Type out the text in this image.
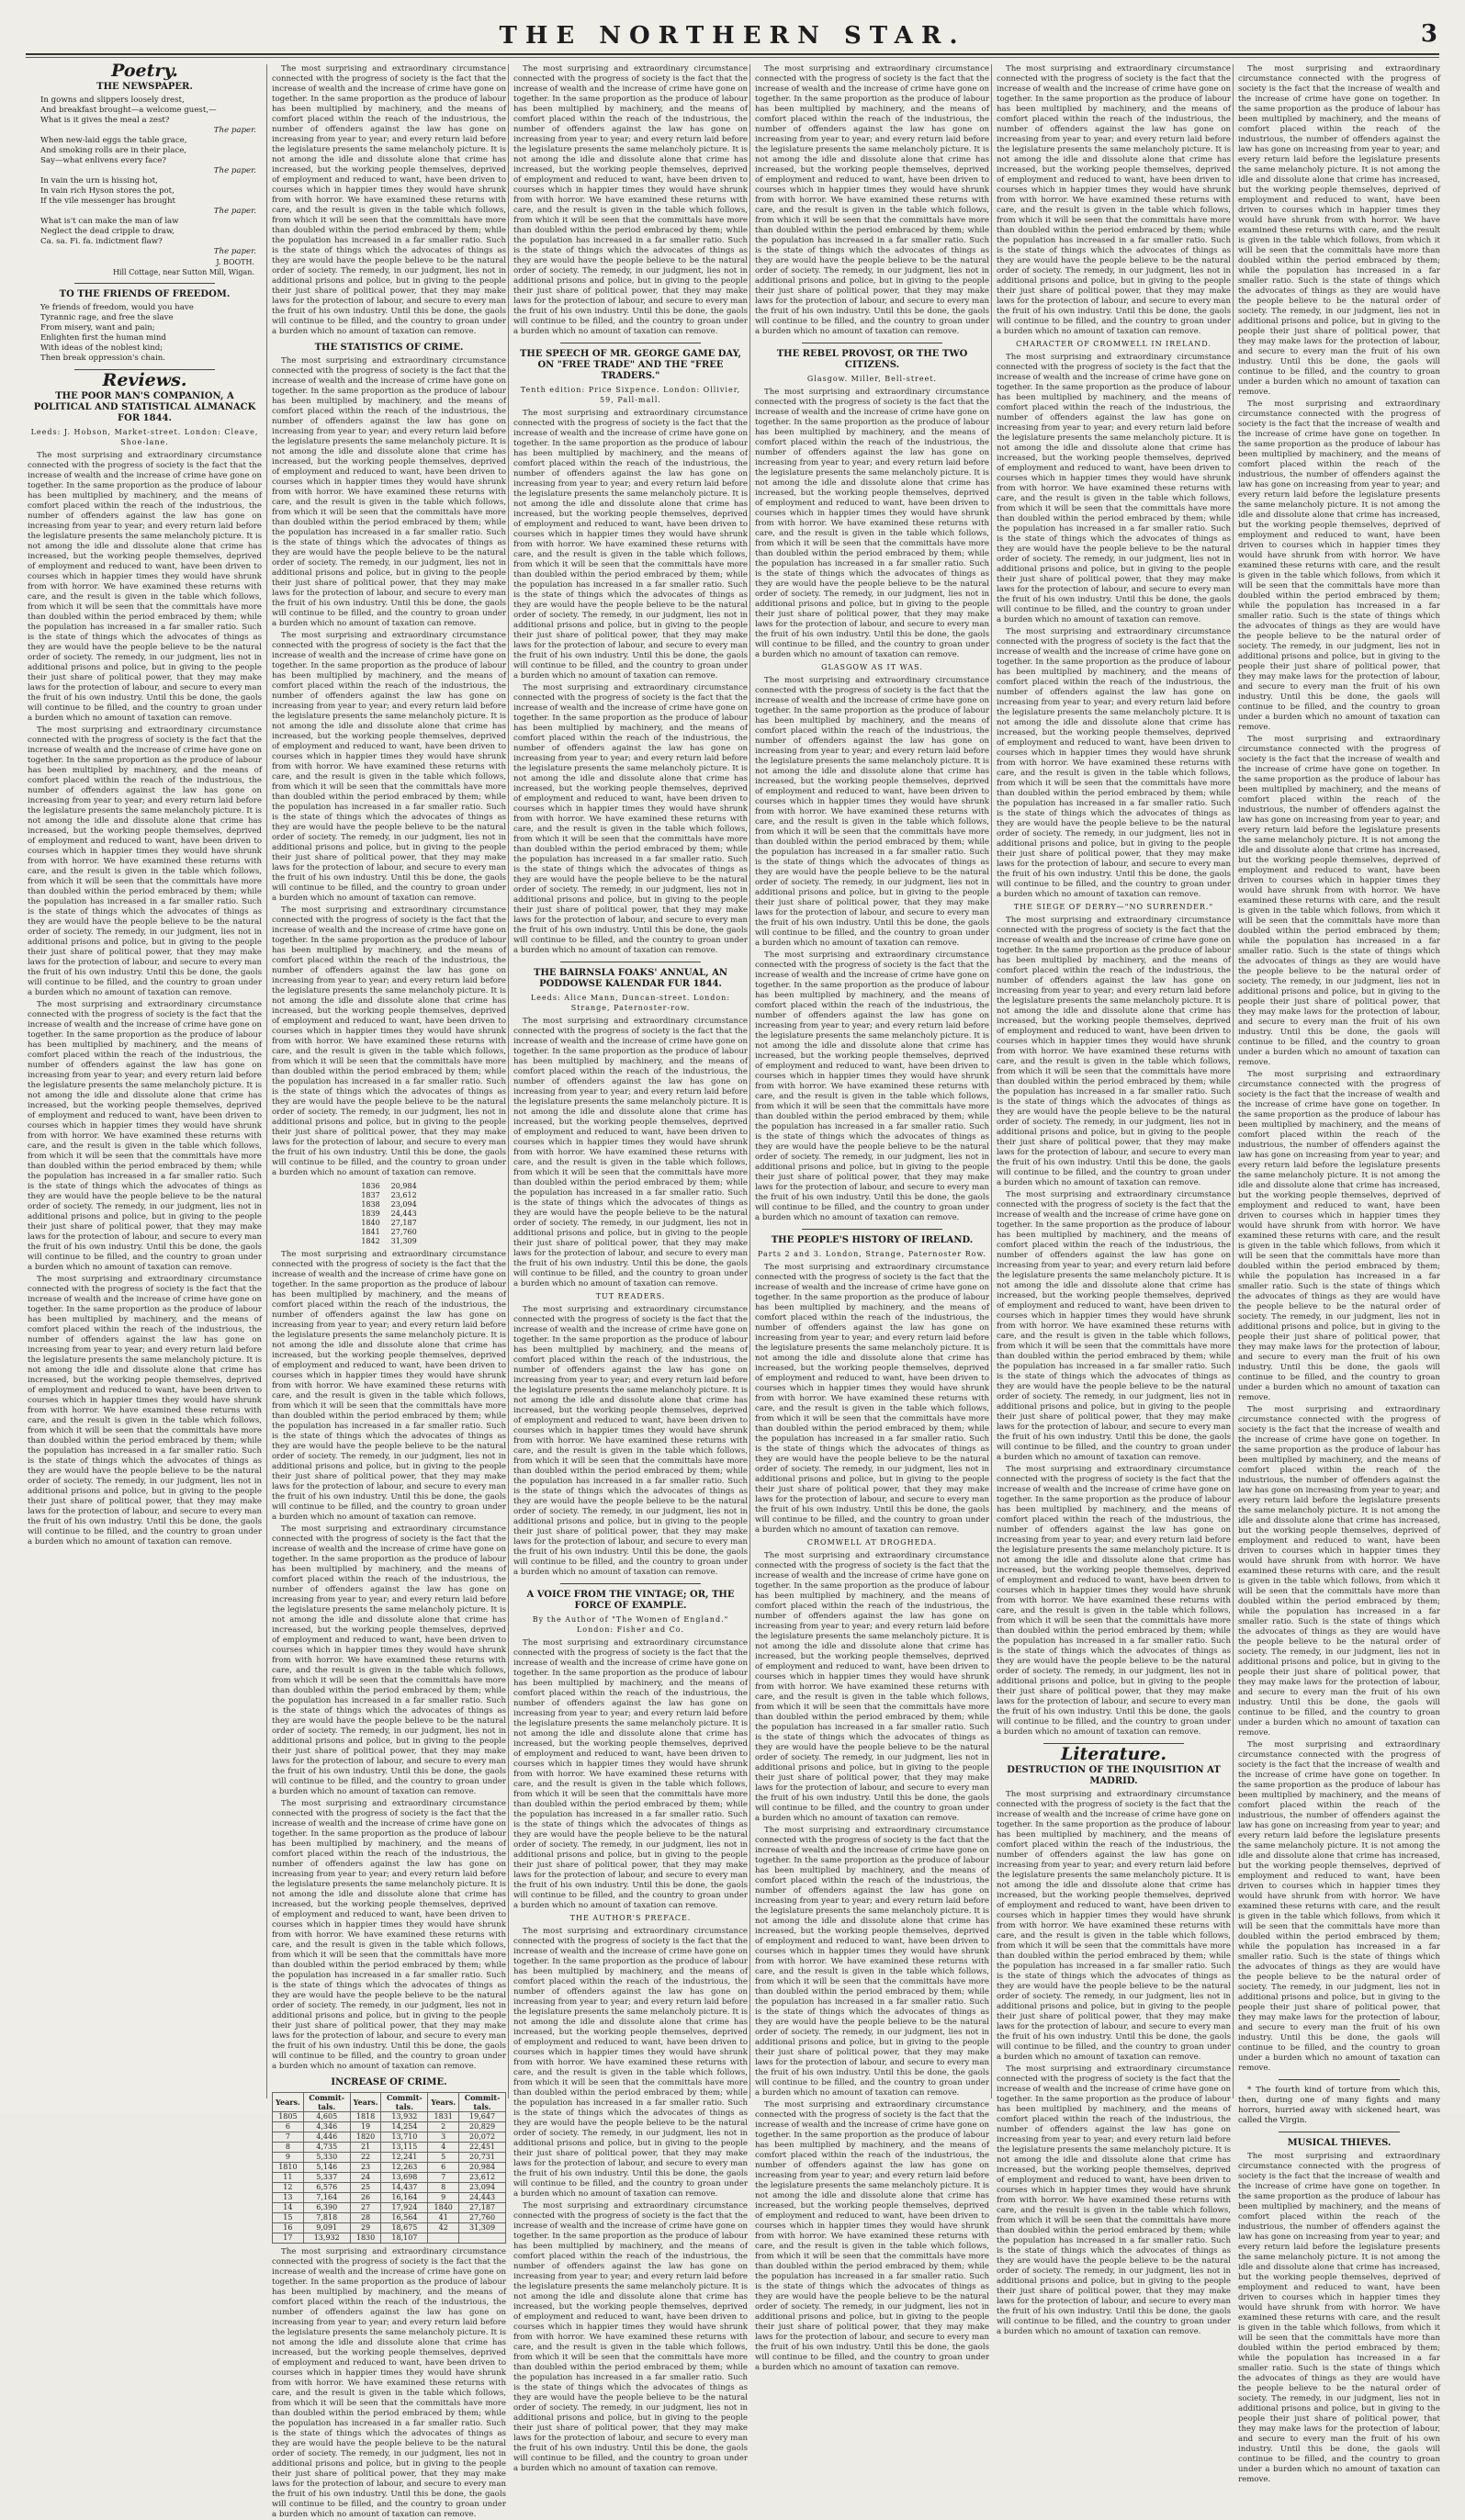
THE NORTHERN STAR.	3
Poetry.
THE NEWSPAPER.
In gowns and slippers loosely drest,
And breakfast brought—a welcome guest,—
What is it gives the meal a zest?
The paper.
When new-laid eggs the table grace,
And smoking rolls are in their place,
Say—what enlivens every face?
The paper.
In vain the urn is hissing hot,
In vain rich Hyson stores the pot,
If the vile messenger has brought
The paper.
What is't can make the man of law
Neglect the dead cripple to draw,
Ca. sa. Fi. fa. indictment flaw?
The paper.
J. BOOTH.
Hill Cottage, near Sutton Mill, Wigan.
TO THE FRIENDS OF FREEDOM.
Ye friends of freedom, would you have
Tyrannic rage, and free the slave
From misery, want and pain;
Enlighten first the human mind
With ideas of the noblest kind;
Then break oppression's chain.
Reviews.
THE POOR MAN'S COMPANION, A POLITICAL AND STATISTICAL ALMANACK FOR 1844.
Leeds: J. Hobson, Market-street. London: Cleave, Shoe-lane.
The most surprising and extraordinary circumstance connected with the progress of society is the fact that the increase of wealth and the increase of crime have gone on together. In the same proportion as the produce of labour has been multiplied by machinery, and the means of comfort placed within the reach of the industrious, the number of offenders against the law has gone on increasing from year to year; and every return laid before the legislature presents the same melancholy picture. It is not among the idle and dissolute alone that crime has increased, but the working people themselves, deprived of employment and reduced to want, have been driven to courses which in happier times they would have shrunk from with horror. We have examined these returns with care, and the result is given in the table which follows, from which it will be seen that the committals have more than doubled within the period embraced by them; while the population has increased in a far smaller ratio. Such is the state of things which the advocates of things as they are would have the people believe to be the natural order of society. The remedy, in our judgment, lies not in additional prisons and police, but in giving to the people their just share of political power, that they may make laws for the protection of labour, and secure to every man the fruit of his own industry. Until this be done, the gaols will continue to be filled, and the country to groan under a burden which no amount of taxation can remove.
The most surprising and extraordinary circumstance connected with the progress of society is the fact that the increase of wealth and the increase of crime have gone on together. In the same proportion as the produce of labour has been multiplied by machinery, and the means of comfort placed within the reach of the industrious, the number of offenders against the law has gone on increasing from year to year; and every return laid before the legislature presents the same melancholy picture. It is not among the idle and dissolute alone that crime has increased, but the working people themselves, deprived of employment and reduced to want, have been driven to courses which in happier times they would have shrunk from with horror. We have examined these returns with care, and the result is given in the table which follows, from which it will be seen that the committals have more than doubled within the period embraced by them; while the population has increased in a far smaller ratio. Such is the state of things which the advocates of things as they are would have the people believe to be the natural order of society. The remedy, in our judgment, lies not in additional prisons and police, but in giving to the people their just share of political power, that they may make laws for the protection of labour, and secure to every man the fruit of his own industry. Until this be done, the gaols will continue to be filled, and the country to groan under a burden which no amount of taxation can remove.
The most surprising and extraordinary circumstance connected with the progress of society is the fact that the increase of wealth and the increase of crime have gone on together. In the same proportion as the produce of labour has been multiplied by machinery, and the means of comfort placed within the reach of the industrious, the number of offenders against the law has gone on increasing from year to year; and every return laid before the legislature presents the same melancholy picture. It is not among the idle and dissolute alone that crime has increased, but the working people themselves, deprived of employment and reduced to want, have been driven to courses which in happier times they would have shrunk from with horror. We have examined these returns with care, and the result is given in the table which follows, from which it will be seen that the committals have more than doubled within the period embraced by them; while the population has increased in a far smaller ratio. Such is the state of things which the advocates of things as they are would have the people believe to be the natural order of society. The remedy, in our judgment, lies not in additional prisons and police, but in giving to the people their just share of political power, that they may make laws for the protection of labour, and secure to every man the fruit of his own industry. Until this be done, the gaols will continue to be filled, and the country to groan under a burden which no amount of taxation can remove.
The most surprising and extraordinary circumstance connected with the progress of society is the fact that the increase of wealth and the increase of crime have gone on together. In the same proportion as the produce of labour has been multiplied by machinery, and the means of comfort placed within the reach of the industrious, the number of offenders against the law has gone on increasing from year to year; and every return laid before the legislature presents the same melancholy picture. It is not among the idle and dissolute alone that crime has increased, but the working people themselves, deprived of employment and reduced to want, have been driven to courses which in happier times they would have shrunk from with horror. We have examined these returns with care, and the result is given in the table which follows, from which it will be seen that the committals have more than doubled within the period embraced by them; while the population has increased in a far smaller ratio. Such is the state of things which the advocates of things as they are would have the people believe to be the natural order of society. The remedy, in our judgment, lies not in additional prisons and police, but in giving to the people their just share of political power, that they may make laws for the protection of labour, and secure to every man the fruit of his own industry. Until this be done, the gaols will continue to be filled, and the country to groan under a burden which no amount of taxation can remove.
The most surprising and extraordinary circumstance connected with the progress of society is the fact that the increase of wealth and the increase of crime have gone on together. In the same proportion as the produce of labour has been multiplied by machinery, and the means of comfort placed within the reach of the industrious, the number of offenders against the law has gone on increasing from year to year; and every return laid before the legislature presents the same melancholy picture. It is not among the idle and dissolute alone that crime has increased, but the working people themselves, deprived of employment and reduced to want, have been driven to courses which in happier times they would have shrunk from with horror. We have examined these returns with care, and the result is given in the table which follows, from which it will be seen that the committals have more than doubled within the period embraced by them; while the population has increased in a far smaller ratio. Such is the state of things which the advocates of things as they are would have the people believe to be the natural order of society. The remedy, in our judgment, lies not in additional prisons and police, but in giving to the people their just share of political power, that they may make laws for the protection of labour, and secure to every man the fruit of his own industry. Until this be done, the gaols will continue to be filled, and the country to groan under a burden which no amount of taxation can remove.
THE STATISTICS OF CRIME.
The most surprising and extraordinary circumstance connected with the progress of society is the fact that the increase of wealth and the increase of crime have gone on together. In the same proportion as the produce of labour has been multiplied by machinery, and the means of comfort placed within the reach of the industrious, the number of offenders against the law has gone on increasing from year to year; and every return laid before the legislature presents the same melancholy picture. It is not among the idle and dissolute alone that crime has increased, but the working people themselves, deprived of employment and reduced to want, have been driven to courses which in happier times they would have shrunk from with horror. We have examined these returns with care, and the result is given in the table which follows, from which it will be seen that the committals have more than doubled within the period embraced by them; while the population has increased in a far smaller ratio. Such is the state of things which the advocates of things as they are would have the people believe to be the natural order of society. The remedy, in our judgment, lies not in additional prisons and police, but in giving to the people their just share of political power, that they may make laws for the protection of labour, and secure to every man the fruit of his own industry. Until this be done, the gaols will continue to be filled, and the country to groan under a burden which no amount of taxation can remove.
The most surprising and extraordinary circumstance connected with the progress of society is the fact that the increase of wealth and the increase of crime have gone on together. In the same proportion as the produce of labour has been multiplied by machinery, and the means of comfort placed within the reach of the industrious, the number of offenders against the law has gone on increasing from year to year; and every return laid before the legislature presents the same melancholy picture. It is not among the idle and dissolute alone that crime has increased, but the working people themselves, deprived of employment and reduced to want, have been driven to courses which in happier times they would have shrunk from with horror. We have examined these returns with care, and the result is given in the table which follows, from which it will be seen that the committals have more than doubled within the period embraced by them; while the population has increased in a far smaller ratio. Such is the state of things which the advocates of things as they are would have the people believe to be the natural order of society. The remedy, in our judgment, lies not in additional prisons and police, but in giving to the people their just share of political power, that they may make laws for the protection of labour, and secure to every man the fruit of his own industry. Until this be done, the gaols will continue to be filled, and the country to groan under a burden which no amount of taxation can remove.
The most surprising and extraordinary circumstance connected with the progress of society is the fact that the increase of wealth and the increase of crime have gone on together. In the same proportion as the produce of labour has been multiplied by machinery, and the means of comfort placed within the reach of the industrious, the number of offenders against the law has gone on increasing from year to year; and every return laid before the legislature presents the same melancholy picture. It is not among the idle and dissolute alone that crime has increased, but the working people themselves, deprived of employment and reduced to want, have been driven to courses which in happier times they would have shrunk from with horror. We have examined these returns with care, and the result is given in the table which follows, from which it will be seen that the committals have more than doubled within the period embraced by them; while the population has increased in a far smaller ratio. Such is the state of things which the advocates of things as they are would have the people believe to be the natural order of society. The remedy, in our judgment, lies not in additional prisons and police, but in giving to the people their just share of political power, that they may make laws for the protection of labour, and secure to every man the fruit of his own industry. Until this be done, the gaols will continue to be filled, and the country to groan under a burden which no amount of taxation can remove.
1836	20,984
1837	23,612
1838	23,094
1839	24,443
1840	27,187
1841	27,760
1842	31,309
The most surprising and extraordinary circumstance connected with the progress of society is the fact that the increase of wealth and the increase of crime have gone on together. In the same proportion as the produce of labour has been multiplied by machinery, and the means of comfort placed within the reach of the industrious, the number of offenders against the law has gone on increasing from year to year; and every return laid before the legislature presents the same melancholy picture. It is not among the idle and dissolute alone that crime has increased, but the working people themselves, deprived of employment and reduced to want, have been driven to courses which in happier times they would have shrunk from with horror. We have examined these returns with care, and the result is given in the table which follows, from which it will be seen that the committals have more than doubled within the period embraced by them; while the population has increased in a far smaller ratio. Such is the state of things which the advocates of things as they are would have the people believe to be the natural order of society. The remedy, in our judgment, lies not in additional prisons and police, but in giving to the people their just share of political power, that they may make laws for the protection of labour, and secure to every man the fruit of his own industry. Until this be done, the gaols will continue to be filled, and the country to groan under a burden which no amount of taxation can remove.
The most surprising and extraordinary circumstance connected with the progress of society is the fact that the increase of wealth and the increase of crime have gone on together. In the same proportion as the produce of labour has been multiplied by machinery, and the means of comfort placed within the reach of the industrious, the number of offenders against the law has gone on increasing from year to year; and every return laid before the legislature presents the same melancholy picture. It is not among the idle and dissolute alone that crime has increased, but the working people themselves, deprived of employment and reduced to want, have been driven to courses which in happier times they would have shrunk from with horror. We have examined these returns with care, and the result is given in the table which follows, from which it will be seen that the committals have more than doubled within the period embraced by them; while the population has increased in a far smaller ratio. Such is the state of things which the advocates of things as they are would have the people believe to be the natural order of society. The remedy, in our judgment, lies not in additional prisons and police, but in giving to the people their just share of political power, that they may make laws for the protection of labour, and secure to every man the fruit of his own industry. Until this be done, the gaols will continue to be filled, and the country to groan under a burden which no amount of taxation can remove.
The most surprising and extraordinary circumstance connected with the progress of society is the fact that the increase of wealth and the increase of crime have gone on together. In the same proportion as the produce of labour has been multiplied by machinery, and the means of comfort placed within the reach of the industrious, the number of offenders against the law has gone on increasing from year to year; and every return laid before the legislature presents the same melancholy picture. It is not among the idle and dissolute alone that crime has increased, but the working people themselves, deprived of employment and reduced to want, have been driven to courses which in happier times they would have shrunk from with horror. We have examined these returns with care, and the result is given in the table which follows, from which it will be seen that the committals have more than doubled within the period embraced by them; while the population has increased in a far smaller ratio. Such is the state of things which the advocates of things as they are would have the people believe to be the natural order of society. The remedy, in our judgment, lies not in additional prisons and police, but in giving to the people their just share of political power, that they may make laws for the protection of labour, and secure to every man the fruit of his own industry. Until this be done, the gaols will continue to be filled, and the country to groan under a burden which no amount of taxation can remove.
INCREASE OF CRIME.
Years.	Commit-tals.	Years.	Commit-tals.	Years.	Commit-tals.
1805	4,605	1818	13,932	1831	19,647
6	4,346	19	14,254	2	20,829
7	4,446	1820	13,710	3	20,072
8	4,735	21	13,115	4	22,451
9	5,330	22	12,241	5	20,731
1810	5,146	23	12,263	6	20,984
11	5,337	24	13,698	7	23,612
12	6,576	25	14,437	8	23,094
13	7,164	26	16,164	9	24,443
14	6,390	27	17,924	1840	27,187
15	7,818	28	16,564	41	27,760
16	9,091	29	18,675	42	31,309
17	13,932	1830	18,107		
The most surprising and extraordinary circumstance connected with the progress of society is the fact that the increase of wealth and the increase of crime have gone on together. In the same proportion as the produce of labour has been multiplied by machinery, and the means of comfort placed within the reach of the industrious, the number of offenders against the law has gone on increasing from year to year; and every return laid before the legislature presents the same melancholy picture. It is not among the idle and dissolute alone that crime has increased, but the working people themselves, deprived of employment and reduced to want, have been driven to courses which in happier times they would have shrunk from with horror. We have examined these returns with care, and the result is given in the table which follows, from which it will be seen that the committals have more than doubled within the period embraced by them; while the population has increased in a far smaller ratio. Such is the state of things which the advocates of things as they are would have the people believe to be the natural order of society. The remedy, in our judgment, lies not in additional prisons and police, but in giving to the people their just share of political power, that they may make laws for the protection of labour, and secure to every man the fruit of his own industry. Until this be done, the gaols will continue to be filled, and the country to groan under a burden which no amount of taxation can remove.
The most surprising and extraordinary circumstance connected with the progress of society is the fact that the increase of wealth and the increase of crime have gone on together. In the same proportion as the produce of labour has been multiplied by machinery, and the means of comfort placed within the reach of the industrious, the number of offenders against the law has gone on increasing from year to year; and every return laid before the legislature presents the same melancholy picture. It is not among the idle and dissolute alone that crime has increased, but the working people themselves, deprived of employment and reduced to want, have been driven to courses which in happier times they would have shrunk from with horror. We have examined these returns with care, and the result is given in the table which follows, from which it will be seen that the committals have more than doubled within the period embraced by them; while the population has increased in a far smaller ratio. Such is the state of things which the advocates of things as they are would have the people believe to be the natural order of society. The remedy, in our judgment, lies not in additional prisons and police, but in giving to the people their just share of political power, that they may make laws for the protection of labour, and secure to every man the fruit of his own industry. Until this be done, the gaols will continue to be filled, and the country to groan under a burden which no amount of taxation can remove.
THE SPEECH OF MR. GEORGE GAME DAY, ON "FREE TRADE" AND THE "FREE TRADERS."
Tenth edition: Price Sixpence. London: Ollivier, 59, Pall-mall.
The most surprising and extraordinary circumstance connected with the progress of society is the fact that the increase of wealth and the increase of crime have gone on together. In the same proportion as the produce of labour has been multiplied by machinery, and the means of comfort placed within the reach of the industrious, the number of offenders against the law has gone on increasing from year to year; and every return laid before the legislature presents the same melancholy picture. It is not among the idle and dissolute alone that crime has increased, but the working people themselves, deprived of employment and reduced to want, have been driven to courses which in happier times they would have shrunk from with horror. We have examined these returns with care, and the result is given in the table which follows, from which it will be seen that the committals have more than doubled within the period embraced by them; while the population has increased in a far smaller ratio. Such is the state of things which the advocates of things as they are would have the people believe to be the natural order of society. The remedy, in our judgment, lies not in additional prisons and police, but in giving to the people their just share of political power, that they may make laws for the protection of labour, and secure to every man the fruit of his own industry. Until this be done, the gaols will continue to be filled, and the country to groan under a burden which no amount of taxation can remove.
The most surprising and extraordinary circumstance connected with the progress of society is the fact that the increase of wealth and the increase of crime have gone on together. In the same proportion as the produce of labour has been multiplied by machinery, and the means of comfort placed within the reach of the industrious, the number of offenders against the law has gone on increasing from year to year; and every return laid before the legislature presents the same melancholy picture. It is not among the idle and dissolute alone that crime has increased, but the working people themselves, deprived of employment and reduced to want, have been driven to courses which in happier times they would have shrunk from with horror. We have examined these returns with care, and the result is given in the table which follows, from which it will be seen that the committals have more than doubled within the period embraced by them; while the population has increased in a far smaller ratio. Such is the state of things which the advocates of things as they are would have the people believe to be the natural order of society. The remedy, in our judgment, lies not in additional prisons and police, but in giving to the people their just share of political power, that they may make laws for the protection of labour, and secure to every man the fruit of his own industry. Until this be done, the gaols will continue to be filled, and the country to groan under a burden which no amount of taxation can remove.
THE BAIRNSLA FOAKS' ANNUAL, AN PODDOWSE KALENDAR FUR 1844.
Leeds: Alice Mann, Duncan-street. London: Strange, Paternoster-row.
The most surprising and extraordinary circumstance connected with the progress of society is the fact that the increase of wealth and the increase of crime have gone on together. In the same proportion as the produce of labour has been multiplied by machinery, and the means of comfort placed within the reach of the industrious, the number of offenders against the law has gone on increasing from year to year; and every return laid before the legislature presents the same melancholy picture. It is not among the idle and dissolute alone that crime has increased, but the working people themselves, deprived of employment and reduced to want, have been driven to courses which in happier times they would have shrunk from with horror. We have examined these returns with care, and the result is given in the table which follows, from which it will be seen that the committals have more than doubled within the period embraced by them; while the population has increased in a far smaller ratio. Such is the state of things which the advocates of things as they are would have the people believe to be the natural order of society. The remedy, in our judgment, lies not in additional prisons and police, but in giving to the people their just share of political power, that they may make laws for the protection of labour, and secure to every man the fruit of his own industry. Until this be done, the gaols will continue to be filled, and the country to groan under a burden which no amount of taxation can remove.
TUT READERS.
The most surprising and extraordinary circumstance connected with the progress of society is the fact that the increase of wealth and the increase of crime have gone on together. In the same proportion as the produce of labour has been multiplied by machinery, and the means of comfort placed within the reach of the industrious, the number of offenders against the law has gone on increasing from year to year; and every return laid before the legislature presents the same melancholy picture. It is not among the idle and dissolute alone that crime has increased, but the working people themselves, deprived of employment and reduced to want, have been driven to courses which in happier times they would have shrunk from with horror. We have examined these returns with care, and the result is given in the table which follows, from which it will be seen that the committals have more than doubled within the period embraced by them; while the population has increased in a far smaller ratio. Such is the state of things which the advocates of things as they are would have the people believe to be the natural order of society. The remedy, in our judgment, lies not in additional prisons and police, but in giving to the people their just share of political power, that they may make laws for the protection of labour, and secure to every man the fruit of his own industry. Until this be done, the gaols will continue to be filled, and the country to groan under a burden which no amount of taxation can remove.
A VOICE FROM THE VINTAGE; OR, THE FORCE OF EXAMPLE.
By the Author of "The Women of England." London: Fisher and Co.
The most surprising and extraordinary circumstance connected with the progress of society is the fact that the increase of wealth and the increase of crime have gone on together. In the same proportion as the produce of labour has been multiplied by machinery, and the means of comfort placed within the reach of the industrious, the number of offenders against the law has gone on increasing from year to year; and every return laid before the legislature presents the same melancholy picture. It is not among the idle and dissolute alone that crime has increased, but the working people themselves, deprived of employment and reduced to want, have been driven to courses which in happier times they would have shrunk from with horror. We have examined these returns with care, and the result is given in the table which follows, from which it will be seen that the committals have more than doubled within the period embraced by them; while the population has increased in a far smaller ratio. Such is the state of things which the advocates of things as they are would have the people believe to be the natural order of society. The remedy, in our judgment, lies not in additional prisons and police, but in giving to the people their just share of political power, that they may make laws for the protection of labour, and secure to every man the fruit of his own industry. Until this be done, the gaols will continue to be filled, and the country to groan under a burden which no amount of taxation can remove.
THE AUTHOR'S PREFACE.
The most surprising and extraordinary circumstance connected with the progress of society is the fact that the increase of wealth and the increase of crime have gone on together. In the same proportion as the produce of labour has been multiplied by machinery, and the means of comfort placed within the reach of the industrious, the number of offenders against the law has gone on increasing from year to year; and every return laid before the legislature presents the same melancholy picture. It is not among the idle and dissolute alone that crime has increased, but the working people themselves, deprived of employment and reduced to want, have been driven to courses which in happier times they would have shrunk from with horror. We have examined these returns with care, and the result is given in the table which follows, from which it will be seen that the committals have more than doubled within the period embraced by them; while the population has increased in a far smaller ratio. Such is the state of things which the advocates of things as they are would have the people believe to be the natural order of society. The remedy, in our judgment, lies not in additional prisons and police, but in giving to the people their just share of political power, that they may make laws for the protection of labour, and secure to every man the fruit of his own industry. Until this be done, the gaols will continue to be filled, and the country to groan under a burden which no amount of taxation can remove.
The most surprising and extraordinary circumstance connected with the progress of society is the fact that the increase of wealth and the increase of crime have gone on together. In the same proportion as the produce of labour has been multiplied by machinery, and the means of comfort placed within the reach of the industrious, the number of offenders against the law has gone on increasing from year to year; and every return laid before the legislature presents the same melancholy picture. It is not among the idle and dissolute alone that crime has increased, but the working people themselves, deprived of employment and reduced to want, have been driven to courses which in happier times they would have shrunk from with horror. We have examined these returns with care, and the result is given in the table which follows, from which it will be seen that the committals have more than doubled within the period embraced by them; while the population has increased in a far smaller ratio. Such is the state of things which the advocates of things as they are would have the people believe to be the natural order of society. The remedy, in our judgment, lies not in additional prisons and police, but in giving to the people their just share of political power, that they may make laws for the protection of labour, and secure to every man the fruit of his own industry. Until this be done, the gaols will continue to be filled, and the country to groan under a burden which no amount of taxation can remove.
The most surprising and extraordinary circumstance connected with the progress of society is the fact that the increase of wealth and the increase of crime have gone on together. In the same proportion as the produce of labour has been multiplied by machinery, and the means of comfort placed within the reach of the industrious, the number of offenders against the law has gone on increasing from year to year; and every return laid before the legislature presents the same melancholy picture. It is not among the idle and dissolute alone that crime has increased, but the working people themselves, deprived of employment and reduced to want, have been driven to courses which in happier times they would have shrunk from with horror. We have examined these returns with care, and the result is given in the table which follows, from which it will be seen that the committals have more than doubled within the period embraced by them; while the population has increased in a far smaller ratio. Such is the state of things which the advocates of things as they are would have the people believe to be the natural order of society. The remedy, in our judgment, lies not in additional prisons and police, but in giving to the people their just share of political power, that they may make laws for the protection of labour, and secure to every man the fruit of his own industry. Until this be done, the gaols will continue to be filled, and the country to groan under a burden which no amount of taxation can remove.
THE REBEL PROVOST, OR THE TWO CITIZENS.
Glasgow. Miller, Bell-street.
The most surprising and extraordinary circumstance connected with the progress of society is the fact that the increase of wealth and the increase of crime have gone on together. In the same proportion as the produce of labour has been multiplied by machinery, and the means of comfort placed within the reach of the industrious, the number of offenders against the law has gone on increasing from year to year; and every return laid before the legislature presents the same melancholy picture. It is not among the idle and dissolute alone that crime has increased, but the working people themselves, deprived of employment and reduced to want, have been driven to courses which in happier times they would have shrunk from with horror. We have examined these returns with care, and the result is given in the table which follows, from which it will be seen that the committals have more than doubled within the period embraced by them; while the population has increased in a far smaller ratio. Such is the state of things which the advocates of things as they are would have the people believe to be the natural order of society. The remedy, in our judgment, lies not in additional prisons and police, but in giving to the people their just share of political power, that they may make laws for the protection of labour, and secure to every man the fruit of his own industry. Until this be done, the gaols will continue to be filled, and the country to groan under a burden which no amount of taxation can remove.
GLASGOW AS IT WAS.
The most surprising and extraordinary circumstance connected with the progress of society is the fact that the increase of wealth and the increase of crime have gone on together. In the same proportion as the produce of labour has been multiplied by machinery, and the means of comfort placed within the reach of the industrious, the number of offenders against the law has gone on increasing from year to year; and every return laid before the legislature presents the same melancholy picture. It is not among the idle and dissolute alone that crime has increased, but the working people themselves, deprived of employment and reduced to want, have been driven to courses which in happier times they would have shrunk from with horror. We have examined these returns with care, and the result is given in the table which follows, from which it will be seen that the committals have more than doubled within the period embraced by them; while the population has increased in a far smaller ratio. Such is the state of things which the advocates of things as they are would have the people believe to be the natural order of society. The remedy, in our judgment, lies not in additional prisons and police, but in giving to the people their just share of political power, that they may make laws for the protection of labour, and secure to every man the fruit of his own industry. Until this be done, the gaols will continue to be filled, and the country to groan under a burden which no amount of taxation can remove.
The most surprising and extraordinary circumstance connected with the progress of society is the fact that the increase of wealth and the increase of crime have gone on together. In the same proportion as the produce of labour has been multiplied by machinery, and the means of comfort placed within the reach of the industrious, the number of offenders against the law has gone on increasing from year to year; and every return laid before the legislature presents the same melancholy picture. It is not among the idle and dissolute alone that crime has increased, but the working people themselves, deprived of employment and reduced to want, have been driven to courses which in happier times they would have shrunk from with horror. We have examined these returns with care, and the result is given in the table which follows, from which it will be seen that the committals have more than doubled within the period embraced by them; while the population has increased in a far smaller ratio. Such is the state of things which the advocates of things as they are would have the people believe to be the natural order of society. The remedy, in our judgment, lies not in additional prisons and police, but in giving to the people their just share of political power, that they may make laws for the protection of labour, and secure to every man the fruit of his own industry. Until this be done, the gaols will continue to be filled, and the country to groan under a burden which no amount of taxation can remove.
THE PEOPLE'S HISTORY OF IRELAND.
Parts 2 and 3. London, Strange, Paternoster Row.
The most surprising and extraordinary circumstance connected with the progress of society is the fact that the increase of wealth and the increase of crime have gone on together. In the same proportion as the produce of labour has been multiplied by machinery, and the means of comfort placed within the reach of the industrious, the number of offenders against the law has gone on increasing from year to year; and every return laid before the legislature presents the same melancholy picture. It is not among the idle and dissolute alone that crime has increased, but the working people themselves, deprived of employment and reduced to want, have been driven to courses which in happier times they would have shrunk from with horror. We have examined these returns with care, and the result is given in the table which follows, from which it will be seen that the committals have more than doubled within the period embraced by them; while the population has increased in a far smaller ratio. Such is the state of things which the advocates of things as they are would have the people believe to be the natural order of society. The remedy, in our judgment, lies not in additional prisons and police, but in giving to the people their just share of political power, that they may make laws for the protection of labour, and secure to every man the fruit of his own industry. Until this be done, the gaols will continue to be filled, and the country to groan under a burden which no amount of taxation can remove.
CROMWELL AT DROGHEDA.
The most surprising and extraordinary circumstance connected with the progress of society is the fact that the increase of wealth and the increase of crime have gone on together. In the same proportion as the produce of labour has been multiplied by machinery, and the means of comfort placed within the reach of the industrious, the number of offenders against the law has gone on increasing from year to year; and every return laid before the legislature presents the same melancholy picture. It is not among the idle and dissolute alone that crime has increased, but the working people themselves, deprived of employment and reduced to want, have been driven to courses which in happier times they would have shrunk from with horror. We have examined these returns with care, and the result is given in the table which follows, from which it will be seen that the committals have more than doubled within the period embraced by them; while the population has increased in a far smaller ratio. Such is the state of things which the advocates of things as they are would have the people believe to be the natural order of society. The remedy, in our judgment, lies not in additional prisons and police, but in giving to the people their just share of political power, that they may make laws for the protection of labour, and secure to every man the fruit of his own industry. Until this be done, the gaols will continue to be filled, and the country to groan under a burden which no amount of taxation can remove.
The most surprising and extraordinary circumstance connected with the progress of society is the fact that the increase of wealth and the increase of crime have gone on together. In the same proportion as the produce of labour has been multiplied by machinery, and the means of comfort placed within the reach of the industrious, the number of offenders against the law has gone on increasing from year to year; and every return laid before the legislature presents the same melancholy picture. It is not among the idle and dissolute alone that crime has increased, but the working people themselves, deprived of employment and reduced to want, have been driven to courses which in happier times they would have shrunk from with horror. We have examined these returns with care, and the result is given in the table which follows, from which it will be seen that the committals have more than doubled within the period embraced by them; while the population has increased in a far smaller ratio. Such is the state of things which the advocates of things as they are would have the people believe to be the natural order of society. The remedy, in our judgment, lies not in additional prisons and police, but in giving to the people their just share of political power, that they may make laws for the protection of labour, and secure to every man the fruit of his own industry. Until this be done, the gaols will continue to be filled, and the country to groan under a burden which no amount of taxation can remove.
The most surprising and extraordinary circumstance connected with the progress of society is the fact that the increase of wealth and the increase of crime have gone on together. In the same proportion as the produce of labour has been multiplied by machinery, and the means of comfort placed within the reach of the industrious, the number of offenders against the law has gone on increasing from year to year; and every return laid before the legislature presents the same melancholy picture. It is not among the idle and dissolute alone that crime has increased, but the working people themselves, deprived of employment and reduced to want, have been driven to courses which in happier times they would have shrunk from with horror. We have examined these returns with care, and the result is given in the table which follows, from which it will be seen that the committals have more than doubled within the period embraced by them; while the population has increased in a far smaller ratio. Such is the state of things which the advocates of things as they are would have the people believe to be the natural order of society. The remedy, in our judgment, lies not in additional prisons and police, but in giving to the people their just share of political power, that they may make laws for the protection of labour, and secure to every man the fruit of his own industry. Until this be done, the gaols will continue to be filled, and the country to groan under a burden which no amount of taxation can remove.
The most surprising and extraordinary circumstance connected with the progress of society is the fact that the increase of wealth and the increase of crime have gone on together. In the same proportion as the produce of labour has been multiplied by machinery, and the means of comfort placed within the reach of the industrious, the number of offenders against the law has gone on increasing from year to year; and every return laid before the legislature presents the same melancholy picture. It is not among the idle and dissolute alone that crime has increased, but the working people themselves, deprived of employment and reduced to want, have been driven to courses which in happier times they would have shrunk from with horror. We have examined these returns with care, and the result is given in the table which follows, from which it will be seen that the committals have more than doubled within the period embraced by them; while the population has increased in a far smaller ratio. Such is the state of things which the advocates of things as they are would have the people believe to be the natural order of society. The remedy, in our judgment, lies not in additional prisons and police, but in giving to the people their just share of political power, that they may make laws for the protection of labour, and secure to every man the fruit of his own industry. Until this be done, the gaols will continue to be filled, and the country to groan under a burden which no amount of taxation can remove.
CHARACTER OF CROMWELL IN IRELAND.
The most surprising and extraordinary circumstance connected with the progress of society is the fact that the increase of wealth and the increase of crime have gone on together. In the same proportion as the produce of labour has been multiplied by machinery, and the means of comfort placed within the reach of the industrious, the number of offenders against the law has gone on increasing from year to year; and every return laid before the legislature presents the same melancholy picture. It is not among the idle and dissolute alone that crime has increased, but the working people themselves, deprived of employment and reduced to want, have been driven to courses which in happier times they would have shrunk from with horror. We have examined these returns with care, and the result is given in the table which follows, from which it will be seen that the committals have more than doubled within the period embraced by them; while the population has increased in a far smaller ratio. Such is the state of things which the advocates of things as they are would have the people believe to be the natural order of society. The remedy, in our judgment, lies not in additional prisons and police, but in giving to the people their just share of political power, that they may make laws for the protection of labour, and secure to every man the fruit of his own industry. Until this be done, the gaols will continue to be filled, and the country to groan under a burden which no amount of taxation can remove.
The most surprising and extraordinary circumstance connected with the progress of society is the fact that the increase of wealth and the increase of crime have gone on together. In the same proportion as the produce of labour has been multiplied by machinery, and the means of comfort placed within the reach of the industrious, the number of offenders against the law has gone on increasing from year to year; and every return laid before the legislature presents the same melancholy picture. It is not among the idle and dissolute alone that crime has increased, but the working people themselves, deprived of employment and reduced to want, have been driven to courses which in happier times they would have shrunk from with horror. We have examined these returns with care, and the result is given in the table which follows, from which it will be seen that the committals have more than doubled within the period embraced by them; while the population has increased in a far smaller ratio. Such is the state of things which the advocates of things as they are would have the people believe to be the natural order of society. The remedy, in our judgment, lies not in additional prisons and police, but in giving to the people their just share of political power, that they may make laws for the protection of labour, and secure to every man the fruit of his own industry. Until this be done, the gaols will continue to be filled, and the country to groan under a burden which no amount of taxation can remove.
THE SIEGE OF DERRY—"NO SURRENDER."
The most surprising and extraordinary circumstance connected with the progress of society is the fact that the increase of wealth and the increase of crime have gone on together. In the same proportion as the produce of labour has been multiplied by machinery, and the means of comfort placed within the reach of the industrious, the number of offenders against the law has gone on increasing from year to year; and every return laid before the legislature presents the same melancholy picture. It is not among the idle and dissolute alone that crime has increased, but the working people themselves, deprived of employment and reduced to want, have been driven to courses which in happier times they would have shrunk from with horror. We have examined these returns with care, and the result is given in the table which follows, from which it will be seen that the committals have more than doubled within the period embraced by them; while the population has increased in a far smaller ratio. Such is the state of things which the advocates of things as they are would have the people believe to be the natural order of society. The remedy, in our judgment, lies not in additional prisons and police, but in giving to the people their just share of political power, that they may make laws for the protection of labour, and secure to every man the fruit of his own industry. Until this be done, the gaols will continue to be filled, and the country to groan under a burden which no amount of taxation can remove.
The most surprising and extraordinary circumstance connected with the progress of society is the fact that the increase of wealth and the increase of crime have gone on together. In the same proportion as the produce of labour has been multiplied by machinery, and the means of comfort placed within the reach of the industrious, the number of offenders against the law has gone on increasing from year to year; and every return laid before the legislature presents the same melancholy picture. It is not among the idle and dissolute alone that crime has increased, but the working people themselves, deprived of employment and reduced to want, have been driven to courses which in happier times they would have shrunk from with horror. We have examined these returns with care, and the result is given in the table which follows, from which it will be seen that the committals have more than doubled within the period embraced by them; while the population has increased in a far smaller ratio. Such is the state of things which the advocates of things as they are would have the people believe to be the natural order of society. The remedy, in our judgment, lies not in additional prisons and police, but in giving to the people their just share of political power, that they may make laws for the protection of labour, and secure to every man the fruit of his own industry. Until this be done, the gaols will continue to be filled, and the country to groan under a burden which no amount of taxation can remove.
The most surprising and extraordinary circumstance connected with the progress of society is the fact that the increase of wealth and the increase of crime have gone on together. In the same proportion as the produce of labour has been multiplied by machinery, and the means of comfort placed within the reach of the industrious, the number of offenders against the law has gone on increasing from year to year; and every return laid before the legislature presents the same melancholy picture. It is not among the idle and dissolute alone that crime has increased, but the working people themselves, deprived of employment and reduced to want, have been driven to courses which in happier times they would have shrunk from with horror. We have examined these returns with care, and the result is given in the table which follows, from which it will be seen that the committals have more than doubled within the period embraced by them; while the population has increased in a far smaller ratio. Such is the state of things which the advocates of things as they are would have the people believe to be the natural order of society. The remedy, in our judgment, lies not in additional prisons and police, but in giving to the people their just share of political power, that they may make laws for the protection of labour, and secure to every man the fruit of his own industry. Until this be done, the gaols will continue to be filled, and the country to groan under a burden which no amount of taxation can remove.
Literature.
DESTRUCTION OF THE INQUISITION AT MADRID.
The most surprising and extraordinary circumstance connected with the progress of society is the fact that the increase of wealth and the increase of crime have gone on together. In the same proportion as the produce of labour has been multiplied by machinery, and the means of comfort placed within the reach of the industrious, the number of offenders against the law has gone on increasing from year to year; and every return laid before the legislature presents the same melancholy picture. It is not among the idle and dissolute alone that crime has increased, but the working people themselves, deprived of employment and reduced to want, have been driven to courses which in happier times they would have shrunk from with horror. We have examined these returns with care, and the result is given in the table which follows, from which it will be seen that the committals have more than doubled within the period embraced by them; while the population has increased in a far smaller ratio. Such is the state of things which the advocates of things as they are would have the people believe to be the natural order of society. The remedy, in our judgment, lies not in additional prisons and police, but in giving to the people their just share of political power, that they may make laws for the protection of labour, and secure to every man the fruit of his own industry. Until this be done, the gaols will continue to be filled, and the country to groan under a burden which no amount of taxation can remove.
The most surprising and extraordinary circumstance connected with the progress of society is the fact that the increase of wealth and the increase of crime have gone on together. In the same proportion as the produce of labour has been multiplied by machinery, and the means of comfort placed within the reach of the industrious, the number of offenders against the law has gone on increasing from year to year; and every return laid before the legislature presents the same melancholy picture. It is not among the idle and dissolute alone that crime has increased, but the working people themselves, deprived of employment and reduced to want, have been driven to courses which in happier times they would have shrunk from with horror. We have examined these returns with care, and the result is given in the table which follows, from which it will be seen that the committals have more than doubled within the period embraced by them; while the population has increased in a far smaller ratio. Such is the state of things which the advocates of things as they are would have the people believe to be the natural order of society. The remedy, in our judgment, lies not in additional prisons and police, but in giving to the people their just share of political power, that they may make laws for the protection of labour, and secure to every man the fruit of his own industry. Until this be done, the gaols will continue to be filled, and the country to groan under a burden which no amount of taxation can remove.
The most surprising and extraordinary circumstance connected with the progress of society is the fact that the increase of wealth and the increase of crime have gone on together. In the same proportion as the produce of labour has been multiplied by machinery, and the means of comfort placed within the reach of the industrious, the number of offenders against the law has gone on increasing from year to year; and every return laid before the legislature presents the same melancholy picture. It is not among the idle and dissolute alone that crime has increased, but the working people themselves, deprived of employment and reduced to want, have been driven to courses which in happier times they would have shrunk from with horror. We have examined these returns with care, and the result is given in the table which follows, from which it will be seen that the committals have more than doubled within the period embraced by them; while the population has increased in a far smaller ratio. Such is the state of things which the advocates of things as they are would have the people believe to be the natural order of society. The remedy, in our judgment, lies not in additional prisons and police, but in giving to the people their just share of political power, that they may make laws for the protection of labour, and secure to every man the fruit of his own industry. Until this be done, the gaols will continue to be filled, and the country to groan under a burden which no amount of taxation can remove.
The most surprising and extraordinary circumstance connected with the progress of society is the fact that the increase of wealth and the increase of crime have gone on together. In the same proportion as the produce of labour has been multiplied by machinery, and the means of comfort placed within the reach of the industrious, the number of offenders against the law has gone on increasing from year to year; and every return laid before the legislature presents the same melancholy picture. It is not among the idle and dissolute alone that crime has increased, but the working people themselves, deprived of employment and reduced to want, have been driven to courses which in happier times they would have shrunk from with horror. We have examined these returns with care, and the result is given in the table which follows, from which it will be seen that the committals have more than doubled within the period embraced by them; while the population has increased in a far smaller ratio. Such is the state of things which the advocates of things as they are would have the people believe to be the natural order of society. The remedy, in our judgment, lies not in additional prisons and police, but in giving to the people their just share of political power, that they may make laws for the protection of labour, and secure to every man the fruit of his own industry. Until this be done, the gaols will continue to be filled, and the country to groan under a burden which no amount of taxation can remove.
The most surprising and extraordinary circumstance connected with the progress of society is the fact that the increase of wealth and the increase of crime have gone on together. In the same proportion as the produce of labour has been multiplied by machinery, and the means of comfort placed within the reach of the industrious, the number of offenders against the law has gone on increasing from year to year; and every return laid before the legislature presents the same melancholy picture. It is not among the idle and dissolute alone that crime has increased, but the working people themselves, deprived of employment and reduced to want, have been driven to courses which in happier times they would have shrunk from with horror. We have examined these returns with care, and the result is given in the table which follows, from which it will be seen that the committals have more than doubled within the period embraced by them; while the population has increased in a far smaller ratio. Such is the state of things which the advocates of things as they are would have the people believe to be the natural order of society. The remedy, in our judgment, lies not in additional prisons and police, but in giving to the people their just share of political power, that they may make laws for the protection of labour, and secure to every man the fruit of his own industry. Until this be done, the gaols will continue to be filled, and the country to groan under a burden which no amount of taxation can remove.
The most surprising and extraordinary circumstance connected with the progress of society is the fact that the increase of wealth and the increase of crime have gone on together. In the same proportion as the produce of labour has been multiplied by machinery, and the means of comfort placed within the reach of the industrious, the number of offenders against the law has gone on increasing from year to year; and every return laid before the legislature presents the same melancholy picture. It is not among the idle and dissolute alone that crime has increased, but the working people themselves, deprived of employment and reduced to want, have been driven to courses which in happier times they would have shrunk from with horror. We have examined these returns with care, and the result is given in the table which follows, from which it will be seen that the committals have more than doubled within the period embraced by them; while the population has increased in a far smaller ratio. Such is the state of things which the advocates of things as they are would have the people believe to be the natural order of society. The remedy, in our judgment, lies not in additional prisons and police, but in giving to the people their just share of political power, that they may make laws for the protection of labour, and secure to every man the fruit of his own industry. Until this be done, the gaols will continue to be filled, and the country to groan under a burden which no amount of taxation can remove.
The most surprising and extraordinary circumstance connected with the progress of society is the fact that the increase of wealth and the increase of crime have gone on together. In the same proportion as the produce of labour has been multiplied by machinery, and the means of comfort placed within the reach of the industrious, the number of offenders against the law has gone on increasing from year to year; and every return laid before the legislature presents the same melancholy picture. It is not among the idle and dissolute alone that crime has increased, but the working people themselves, deprived of employment and reduced to want, have been driven to courses which in happier times they would have shrunk from with horror. We have examined these returns with care, and the result is given in the table which follows, from which it will be seen that the committals have more than doubled within the period embraced by them; while the population has increased in a far smaller ratio. Such is the state of things which the advocates of things as they are would have the people believe to be the natural order of society. The remedy, in our judgment, lies not in additional prisons and police, but in giving to the people their just share of political power, that they may make laws for the protection of labour, and secure to every man the fruit of his own industry. Until this be done, the gaols will continue to be filled, and the country to groan under a burden which no amount of taxation can remove.
The most surprising and extraordinary circumstance connected with the progress of society is the fact that the increase of wealth and the increase of crime have gone on together. In the same proportion as the produce of labour has been multiplied by machinery, and the means of comfort placed within the reach of the industrious, the number of offenders against the law has gone on increasing from year to year; and every return laid before the legislature presents the same melancholy picture. It is not among the idle and dissolute alone that crime has increased, but the working people themselves, deprived of employment and reduced to want, have been driven to courses which in happier times they would have shrunk from with horror. We have examined these returns with care, and the result is given in the table which follows, from which it will be seen that the committals have more than doubled within the period embraced by them; while the population has increased in a far smaller ratio. Such is the state of things which the advocates of things as they are would have the people believe to be the natural order of society. The remedy, in our judgment, lies not in additional prisons and police, but in giving to the people their just share of political power, that they may make laws for the protection of labour, and secure to every man the fruit of his own industry. Until this be done, the gaols will continue to be filled, and the country to groan under a burden which no amount of taxation can remove.
* The fourth kind of torture from which this, then, during one of many fights and many horrors, hurried away with sickened heart, was called the Virgin.
MUSICAL THIEVES.
The most surprising and extraordinary circumstance connected with the progress of society is the fact that the increase of wealth and the increase of crime have gone on together. In the same proportion as the produce of labour has been multiplied by machinery, and the means of comfort placed within the reach of the industrious, the number of offenders against the law has gone on increasing from year to year; and every return laid before the legislature presents the same melancholy picture. It is not among the idle and dissolute alone that crime has increased, but the working people themselves, deprived of employment and reduced to want, have been driven to courses which in happier times they would have shrunk from with horror. We have examined these returns with care, and the result is given in the table which follows, from which it will be seen that the committals have more than doubled within the period embraced by them; while the population has increased in a far smaller ratio. Such is the state of things which the advocates of things as they are would have the people believe to be the natural order of society. The remedy, in our judgment, lies not in additional prisons and police, but in giving to the people their just share of political power, that they may make laws for the protection of labour, and secure to every man the fruit of his own industry. Until this be done, the gaols will continue to be filled, and the country to groan under a burden which no amount of taxation can remove.
